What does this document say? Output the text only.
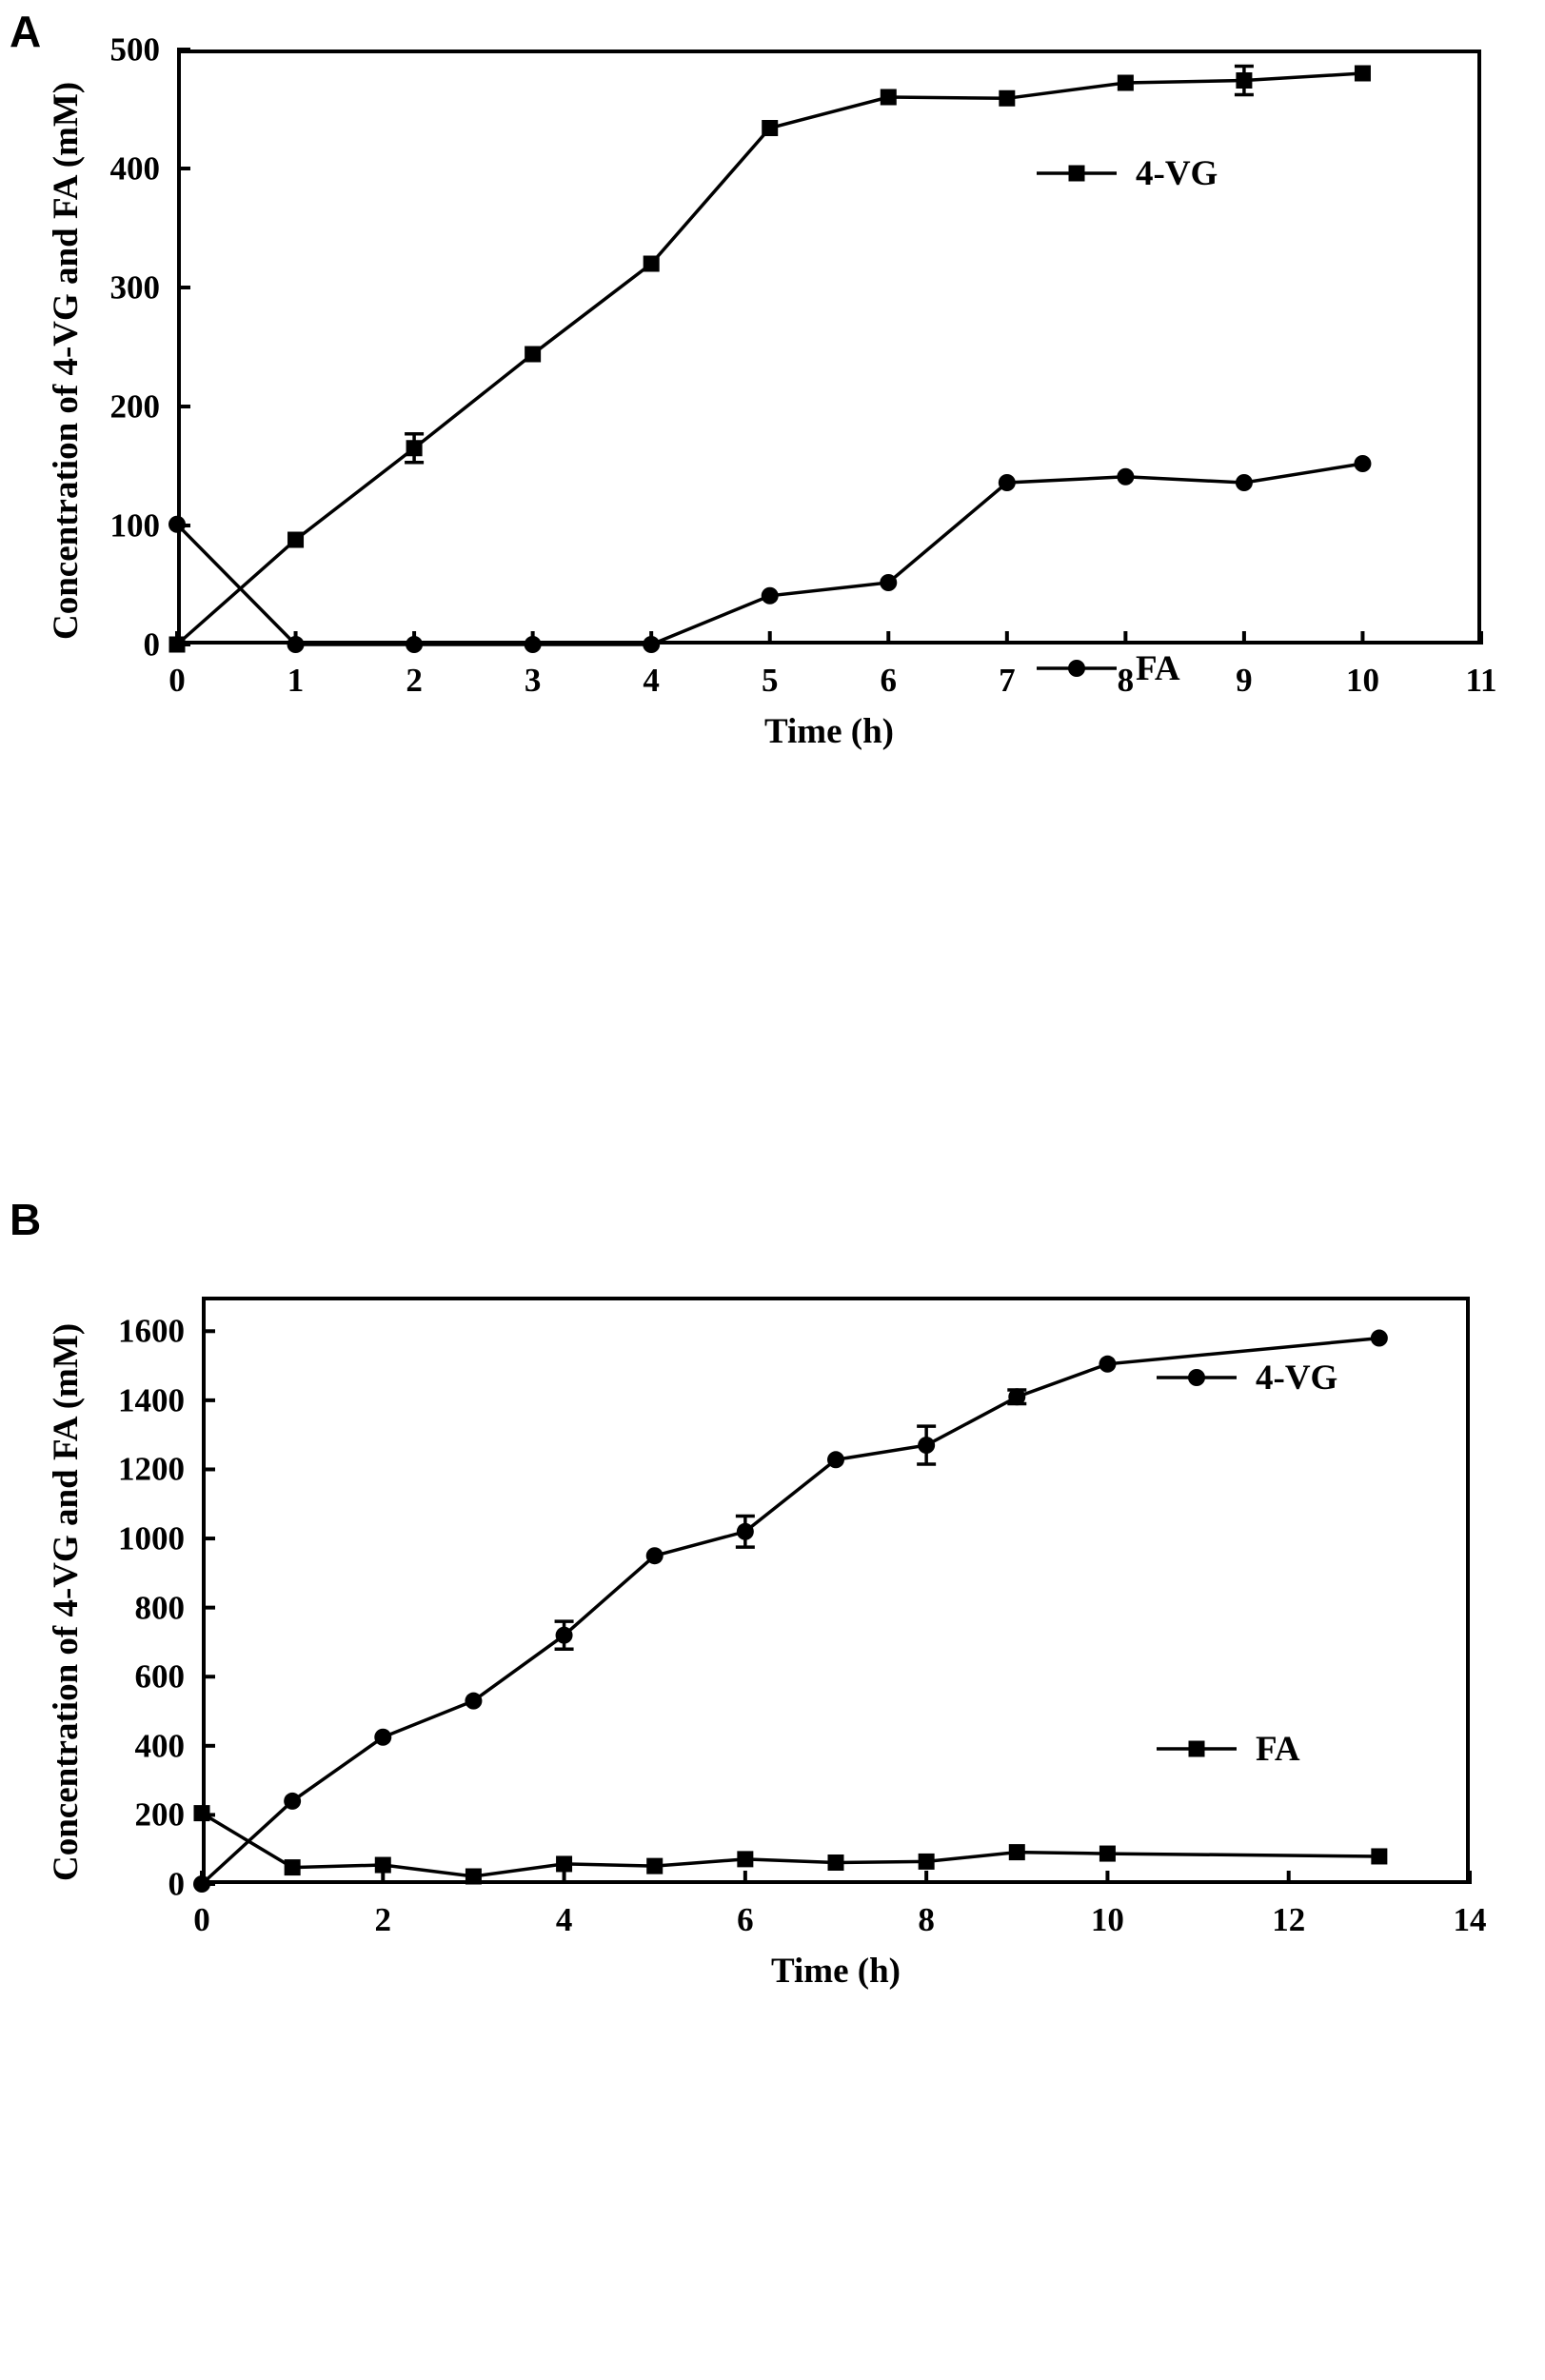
A
Concentration of 4-VG and FA (mM)
Time (h)
0
100
200
300
400
500
0	1	2	3	4	5	6	7	8	9	10	11
4-VG
FA
B
Concentration of 4-VG and FA (mM)
Time (h)
0
200
400
600
800
1000
1200
1400
1600
0	2	4	6	8	10	12	14
4-VG
FA
